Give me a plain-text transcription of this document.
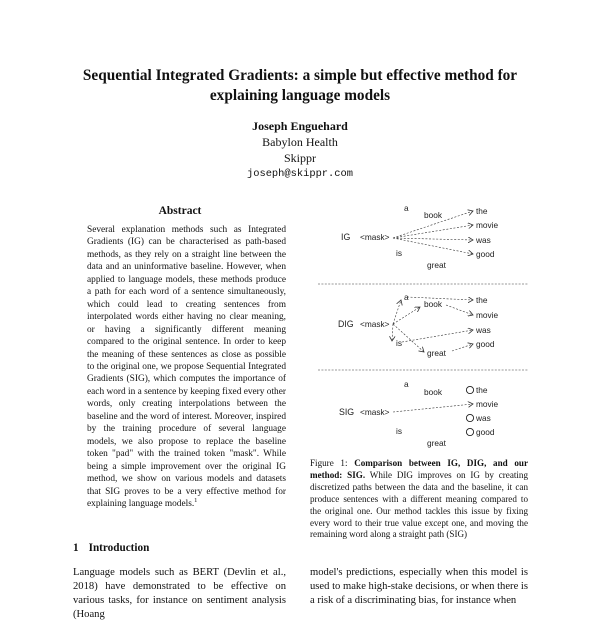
Sequential Integrated Gradients: a simple but effective method for explaining language models
Joseph Enguehard
Babylon Health
Skippr
joseph@skippr.com
Abstract
Several explanation methods such as Integrated Gradients (IG) can be characterised as path-based methods, as they rely on a straight line between the data and an uninformative baseline. However, when applied to language models, these methods produce a path for each word of a sentence simultaneously, which could lead to creating sentences from interpolated words either having no clear meaning, or having a significantly different meaning compared to the original sentence. In order to keep the meaning of these sentences as close as possible to the original one, we propose Sequential Integrated Gradients (SIG), which computes the importance of each word in a sentence by keeping fixed every other words, only creating interpolations between the baseline and the word of interest. Moreover, inspired by the training procedure of several language models, we also propose to replace the baseline token "pad" with the trained token "mask". While being a simple improvement over the original IG method, we show on various models and datasets that SIG proves to be a very effective method for explaining language models.$^1$
1 Introduction
Language models such as BERT (Devlin et al., 2018) have demonstrated to be effective on various tasks, for instance on sentiment analysis (Hoang
model's predictions, especially when this model is used to make high-stake decisions, or when there is a risk of a discriminating bias, for instance when
IG <mask>
a
book
is
great
the
movie
was
good
DIG <mask>
a
book
is
great
the
movie
was
good
SIG <mask>
a
book
is
great
the
movie
was
good
Figure 1: Comparison between IG, DIG, and our method: SIG. While DIG improves on IG by creating discretized paths between the data and the baseline, it can produce sentences with a different meaning compared to the original one. Our method tackles this issue by fixing every word to their true value except one, and moving the remaining word along a straight path (SIG)
